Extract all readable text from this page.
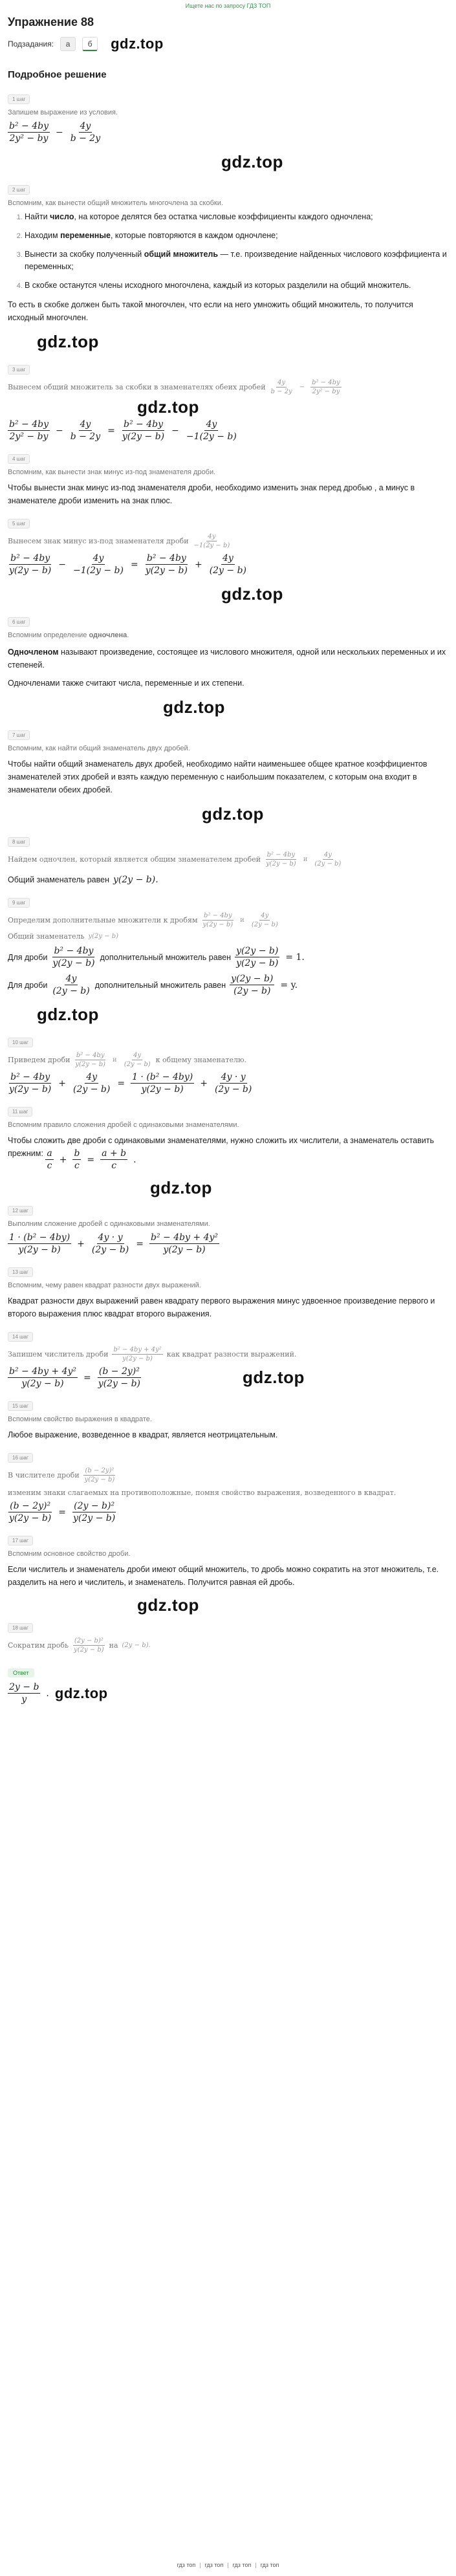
Ищете нас по запросу ГДЗ ТОП
Упражнение 88
Подзадания:	а	б	gdz.top
Подробное решение
1 шаг
Запишем выражение из условия.
$\frac{\text{b² − 4by}}{\text{2y² − by}} - \frac{4y}{b - 2y}$
gdz.top
2 шаг
Вспомним, как вынести общий множитель многочлена за скобки.
1. Найти число, на которое делятся без остатка числовые коэффициенты каждого одночлена;
2. Находим переменные, которые повторяются в каждом одночлене;
3. Вынести за скобку полученный общий множитель — т.е. произведение найденных числового коэффициента и переменных;
4. В скобке останутся члены исходного многочлена, каждый из которых разделили на общий множитель.
То есть в скобке должен быть такой многочлен, что если на него умножить общий множитель, то получится исходный многочлен.
gdz.top
3 шаг
Вынесем общий множитель за скобки в знаменателях обеих дробей $\frac{4y}{b - 2y} - \frac{\text{b² − 4by}}{\text{2y² − by}}$
gdz.top
$\frac{\text{b² − 4by}}{\text{2y² − by}} - \frac{4y}{b - 2y} = \frac{\text{b² − 4by}}{y(2y - b)} - \frac{4y}{-1(2y - b)}$
4 шаг
Вспомним, как вынести знак минус из-под знаменателя дроби.
Чтобы вынести знак минус из-под знаменателя дроби, необходимо изменить знак перед дробью , а минус в знаменателе дроби изменить на знак плюс.
5 шаг
Вынесем знак минус из-под знаменателя дроби $\frac{4y}{-1(2y - b)}$
$\frac{\text{b² − 4by}}{y(2y - b)} - \frac{4y}{-1(2y - b)} = \frac{\text{b² − 4by}}{y(2y - b)} + \frac{4y}{(2y - b)}$
gdz.top
6 шаг
Вспомним определение одночлена.
Одночленом называют произведение, состоящее из числового множителя, одной или нескольких переменных и их степеней.
Одночленами также считают числа, переменные и их степени.
gdz.top
7 шаг
Вспомним, как найти общий знаменатель двух дробей.
Чтобы найти общий знаменатель двух дробей, необходимо найти наименьшее общее кратное коэффициентов знаменателей этих дробей и взять каждую переменную с наибольшим показателем, с которым она входит в знаменатели обеих дробей.
gdz.top
8 шаг
Найдем одночлен, который является общим знаменателем дробей $\frac{\text{b² − 4by}}{y(2y - b)}$ и $\frac{4y}{(2y - b)}$
Общий знаменатель равен y(2y − b).
9 шаг
Определим дополнительные множители к дробям $\frac{\text{b² − 4by}}{y(2y - b)}$ и $\frac{4y}{(2y - b)}$
Общий знаменатель y(2y − b)
Для дроби $\frac{\text{b² − 4by}}{y(2y - b)}$ дополнительный множитель равен $\frac{y(2y - b)}{y(2y - b)} = 1$.
Для дроби $\frac{4y}{(2y - b)}$ дополнительный множитель равен $\frac{y(2y - b)}{(2y - b)} = y$.
gdz.top
10 шаг
Приведем дроби $\frac{\text{b² − 4by}}{y(2y - b)}$ и $\frac{4y}{(2y - b)}$ к общему знаменателю.
$\frac{\text{b² − 4by}}{y(2y - b)} + \frac{4y}{(2y - b)} = \frac{\text{1 · (b² − 4by)}}{y(2y - b)} + \frac{4y \cdot y}{(2y - b)}$
11 шаг
Вспомним правило сложения дробей с одинаковыми знаменателями.
Чтобы сложить две дроби с одинаковыми знаменателями, нужно сложить их числители, а знаменатель оставить прежним: $\frac{a}{c} + \frac{b}{c} = \frac{a + b}{c}$ .
gdz.top
12 шаг
Выполним сложение дробей с одинаковыми знаменателями.
$\frac{\text{1 · (b² − 4by)}}{y(2y - b)} + \frac{4y \cdot y}{(2y - b)} = \frac{\text{b² − 4by + 4y²}}{y(2y - b)}$
13 шаг
Вспомним, чему равен квадрат разности двух выражений.
Квадрат разности двух выражений равен квадрату первого выражения минус удвоенное произведение первого и второго выражения плюс квадрат второго выражения.
14 шаг
Запишем числитель дроби $\frac{\text{b² − 4by + 4y²}}{y(2y - b)}$ как квадрат разности выражений.
$\frac{\text{b² − 4by + 4y²}}{y(2y - b)} = \frac{\text{(b − 2y)²}}{y(2y - b)}$	gdz.top
15 шаг
Вспомним свойство выражения в квадрате.
Любое выражение, возведенное в квадрат, является неотрицательным.
16 шаг
В числителе дроби $\frac{\text{(b − 2y)²}}{y(2y - b)}$
изменим знаки слагаемых на противоположные, помня свойство выражения, возведенного в квадрат.
$\frac{\text{(b − 2y)²}}{y(2y - b)} = \frac{\text{(2y − b)²}}{y(2y - b)}$
17 шаг
Вспомним основное свойство дроби.
Если числитель и знаменатель дроби имеют общий множитель, то дробь можно сократить на этот множитель, т.е. разделить на него и числитель, и знаменатель. Получится равная ей дробь.
gdz.top
18 шаг
Сократим дробь $\frac{\text{(2y − b)²}}{y(2y - b)}$ на (2y − b).
Ответ
$\frac{2y - b}{y}$ . gdz.top
гдз топ | гдз топ | гдз топ | гдз топ
